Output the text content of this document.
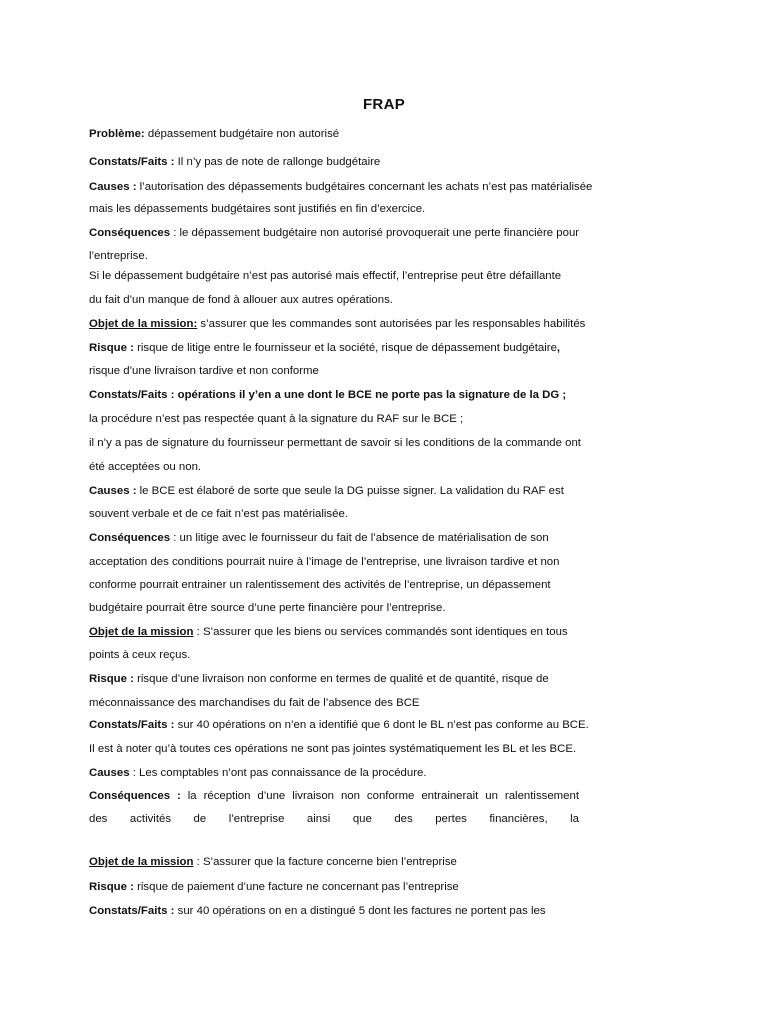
FRAP
Problème: dépassement budgétaire non autorisé
Constats/Faits : Il n’y pas de note de rallonge budgétaire
Causes : l’autorisation des dépassements budgétaires concernant les achats n’est pas matérialisée
mais les dépassements budgétaires sont justifiés en fin d’exercice.
Conséquences : le dépassement budgétaire non autorisé provoquerait une perte financière pour
l’entreprise.
Si le dépassement budgétaire n’est pas autorisé mais effectif, l’entreprise peut être défaillante
du fait d’un manque de fond à allouer aux autres opérations.
Objet de la mission: s’assurer que les commandes sont autorisées par les responsables habilités
Risque : risque de litige entre le fournisseur et la société, risque de dépassement budgétaire,
risque d’une livraison tardive et non conforme
Constats/Faits : opérations il y’en a une dont le BCE ne porte pas la signature de la DG ;
la procédure n’est pas respectée quant à la signature du RAF sur le BCE ;
il n’y a pas de signature du fournisseur permettant de savoir si les conditions de la commande ont
été acceptées ou non.
Causes : le BCE est élaboré de sorte que seule la DG puisse signer. La validation du RAF est
souvent verbale et de ce fait n’est pas matérialisée.
Conséquences : un litige avec le fournisseur du fait de l’absence de matérialisation de son
acceptation des conditions pourrait nuire à l’image de l’entreprise, une livraison tardive et non
conforme pourrait entrainer un ralentissement des activités de l’entreprise, un dépassement
budgétaire pourrait être source d’une perte financière pour l’entreprise.
Objet de la mission : S’assurer que les biens ou services commandés sont identiques en tous
points à ceux reçus.
Risque : risque d’une livraison non conforme en termes de qualité et de quantité, risque de
méconnaissance des marchandises du fait de l’absence des BCE
Constats/Faits : sur 40 opérations on n’en a identifié que 6 dont le BL n’est pas conforme au BCE.
Il est à noter qu’à toutes ces opérations ne sont pas jointes systématiquement les BL et les BCE.
Causes : Les comptables n’ont pas connaissance de la procédure.
Conséquences : la réception d’une livraison non conforme entrainerait un ralentissement
des activités de l’entreprise ainsi que des pertes financières, la
Objet de la mission : S’assurer que la facture concerne bien l’entreprise
Risque : risque de paiement d’une facture ne concernant pas l’entreprise
Constats/Faits : sur 40 opérations on en a distingué 5 dont les factures ne portent pas les
